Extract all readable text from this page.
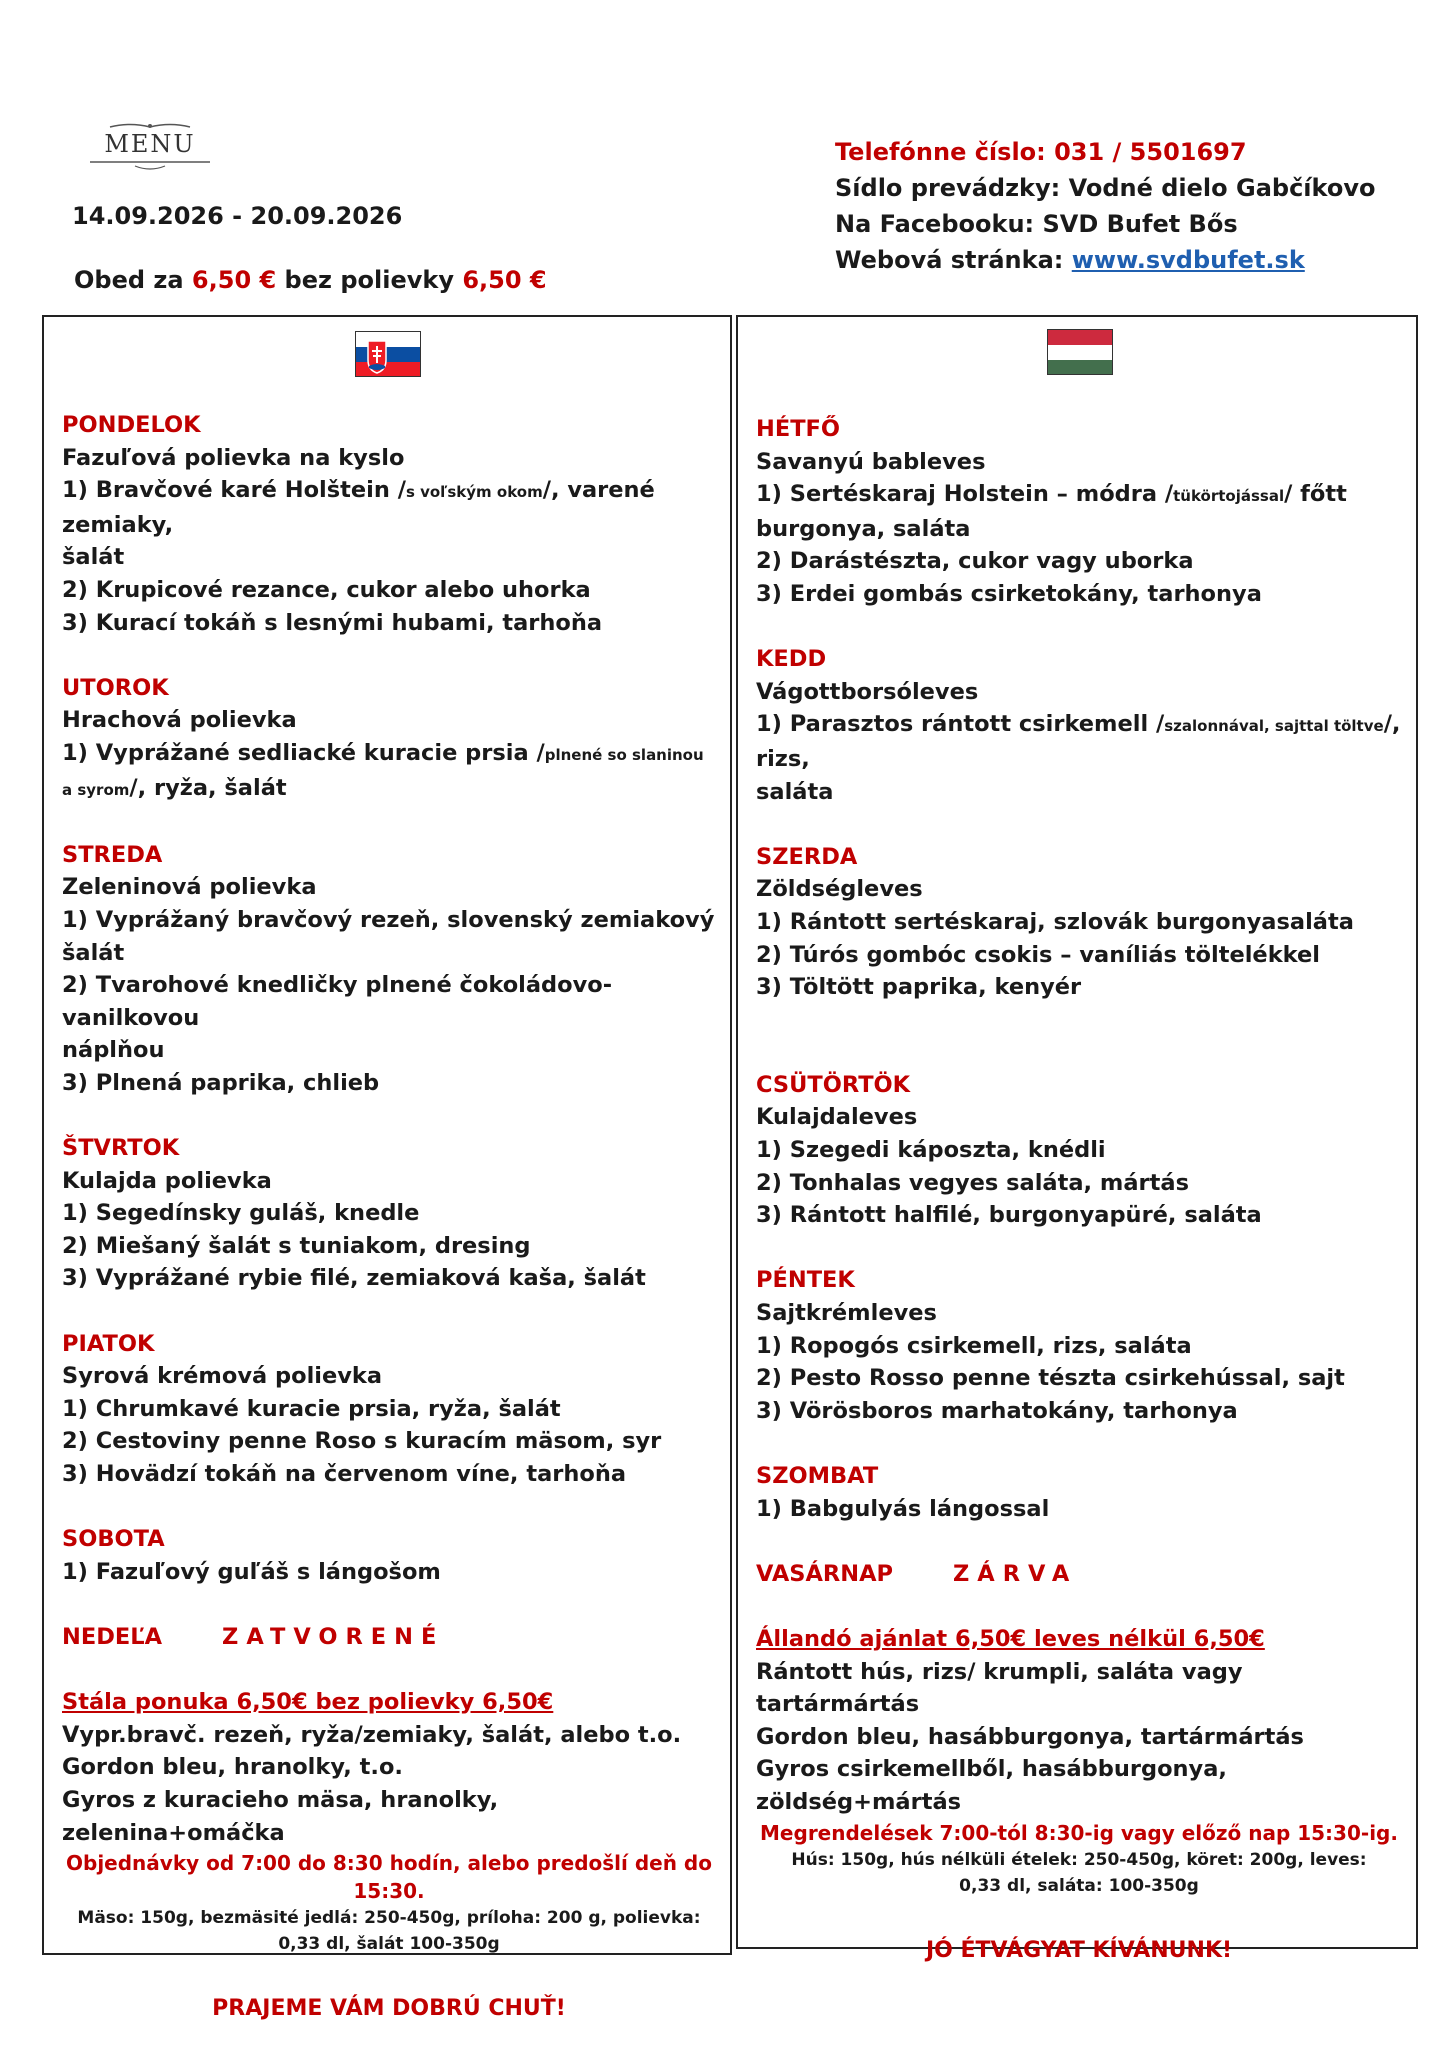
MENU
14.09.2026 - 20.09.2026
Obed za 6,50 € bez polievky 6,50 €
Telefónne číslo: 031 / 5501697
Sídlo prevádzky: Vodné dielo Gabčíkovo
Na Facebooku: SVD Bufet Bős
Webová stránka: www.svdbufet.sk
PONDELOK
Fazuľová polievka na kyslo
1) Bravčové karé Holštein /s voľským okom/, varené zemiaky,
šalát
2) Krupicové rezance, cukor alebo uhorka
3) Kurací tokáň s lesnými hubami, tarhoňa
UTOROK
Hrachová polievka
1) Vyprážané sedliacké kuracie prsia /plnené so slaninou
a syrom/, ryža, šalát
STREDA
Zeleninová polievka
1) Vyprážaný bravčový rezeň, slovenský zemiakový šalát
2) Tvarohové knedličky plnené čokoládovo-vanilkovou
náplňou
3) Plnená paprika, chlieb
ŠTVRTOK
Kulajda polievka
1) Segedínsky guláš, knedle
2) Miešaný šalát s tuniakom, dresing
3) Vyprážané rybie filé, zemiaková kaša, šalát
PIATOK
Syrová krémová polievka
1) Chrumkavé kuracie prsia, ryža, šalát
2) Cestoviny penne Roso s kuracím mäsom, syr
3) Hovädzí tokáň na červenom víne, tarhoňa
SOBOTA
1) Fazuľový guľáš s lángošom
NEDEĽA	ZATVORENÉ
Stála ponuka 6,50€ bez polievky 6,50€
Vypr.bravč. rezeň, ryža/zemiaky, šalát, alebo t.o.
Gordon bleu, hranolky, t.o.
Gyros z kuracieho mäsa, hranolky, zelenina+omáčka
Objednávky od 7:00 do 8:30 hodín, alebo predošlí deň do 15:30.
Mäso: 150g, bezmäsité jedlá: 250-450g, príloha: 200 g, polievka:
0,33 dl, šalát 100-350g
PRAJEME VÁM DOBRÚ CHUŤ!
HÉTFŐ
Savanyú bableves
1) Sertéskaraj Holstein – módra /tükörtojással/ főtt
burgonya, saláta
2) Darástészta, cukor vagy uborka
3) Erdei gombás csirketokány, tarhonya
KEDD
Vágottborsóleves
1) Parasztos rántott csirkemell /szalonnával, sajttal töltve/, rizs,
saláta
SZERDA
Zöldségleves
1) Rántott sertéskaraj, szlovák burgonyasaláta
2) Túrós gombóc csokis – vaníliás töltelékkel
3) Töltött paprika, kenyér
CSÜTÖRTÖK
Kulajdaleves
1) Szegedi káposzta, knédli
2) Tonhalas vegyes saláta, mártás
3) Rántott halfilé, burgonyapüré, saláta
PÉNTEK
Sajtkrémleves
1) Ropogós csirkemell, rizs, saláta
2) Pesto Rosso penne tészta csirkehússal, sajt
3) Vörösboros marhatokány, tarhonya
SZOMBAT
1) Babgulyás lángossal
VASÁRNAP	ZÁRVA
Állandó ajánlat 6,50€ leves nélkül 6,50€
Rántott hús, rizs/ krumpli, saláta vagy tartármártás
Gordon bleu, hasábburgonya, tartármártás
Gyros csirkemellből, hasábburgonya, zöldség+mártás
Megrendelések 7:00-tól 8:30-ig vagy előző nap 15:30-ig.
Hús: 150g, hús nélküli ételek: 250-450g, köret: 200g, leves:
0,33 dl, saláta: 100-350g
JÓ ÉTVÁGYAT KÍVÁNUNK!
